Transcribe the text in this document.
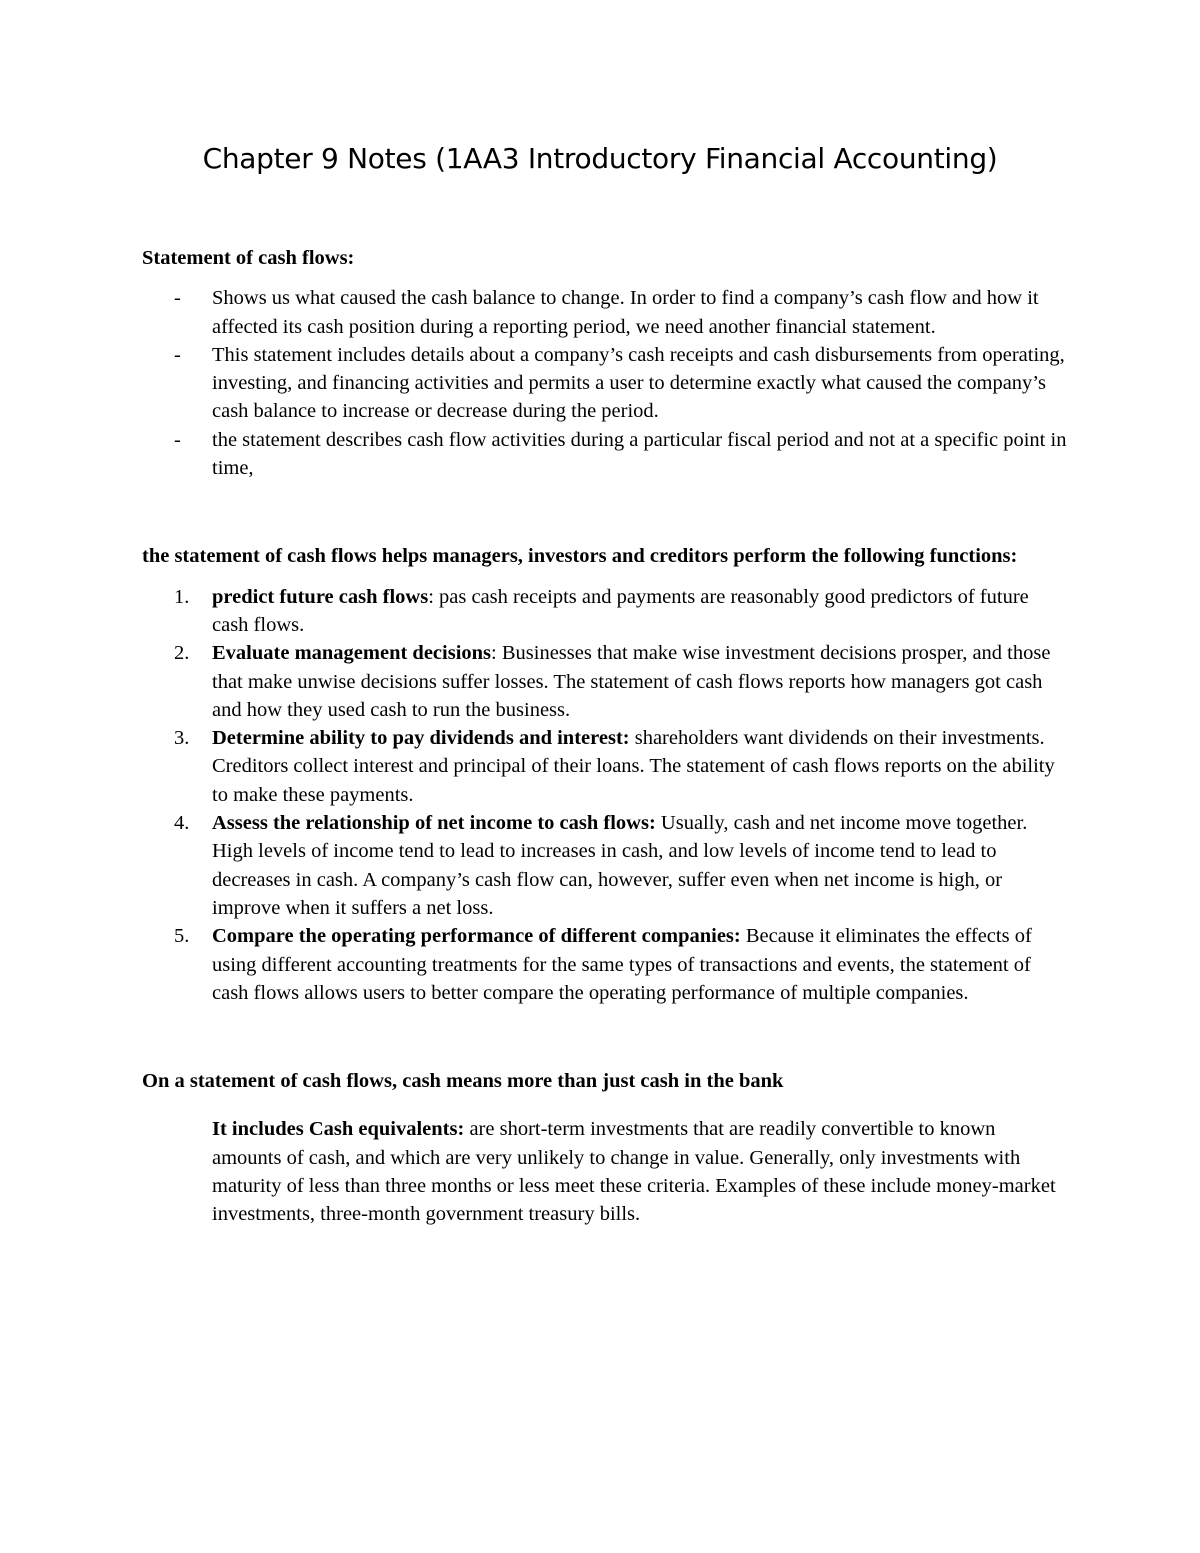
Chapter 9 Notes (1AA3 Introductory Financial Accounting)

Statement of cash flows:

- Shows us what caused the cash balance to change. In order to find a company’s cash flow and how it affected its cash position during a reporting period, we need another financial statement.
- This statement includes details about a company’s cash receipts and cash disbursements from operating, investing, and financing activities and permits a user to determine exactly what caused the company’s cash balance to increase or decrease during the period.
- the statement describes cash flow activities during a particular fiscal period and not at a specific point in time,

the statement of cash flows helps managers, investors and creditors perform the following functions:

1. predict future cash flows: pas cash receipts and payments are reasonably good predictors of future cash flows.
2. Evaluate management decisions: Businesses that make wise investment decisions prosper, and those that make unwise decisions suffer losses. The statement of cash flows reports how managers got cash and how they used cash to run the business.
3. Determine ability to pay dividends and interest: shareholders want dividends on their investments. Creditors collect interest and principal of their loans. The statement of cash flows reports on the ability to make these payments.
4. Assess the relationship of net income to cash flows: Usually, cash and net income move together. High levels of income tend to lead to increases in cash, and low levels of income tend to lead to decreases in cash. A company’s cash flow can, however, suffer even when net income is high, or improve when it suffers a net loss.
5. Compare the operating performance of different companies: Because it eliminates the effects of using different accounting treatments for the same types of transactions and events, the statement of cash flows allows users to better compare the operating performance of multiple companies.

On a statement of cash flows, cash means more than just cash in the bank

It includes Cash equivalents: are short-term investments that are readily convertible to known amounts of cash, and which are very unlikely to change in value. Generally, only investments with maturity of less than three months or less meet these criteria. Examples of these include money-market investments, three-month government treasury bills.
